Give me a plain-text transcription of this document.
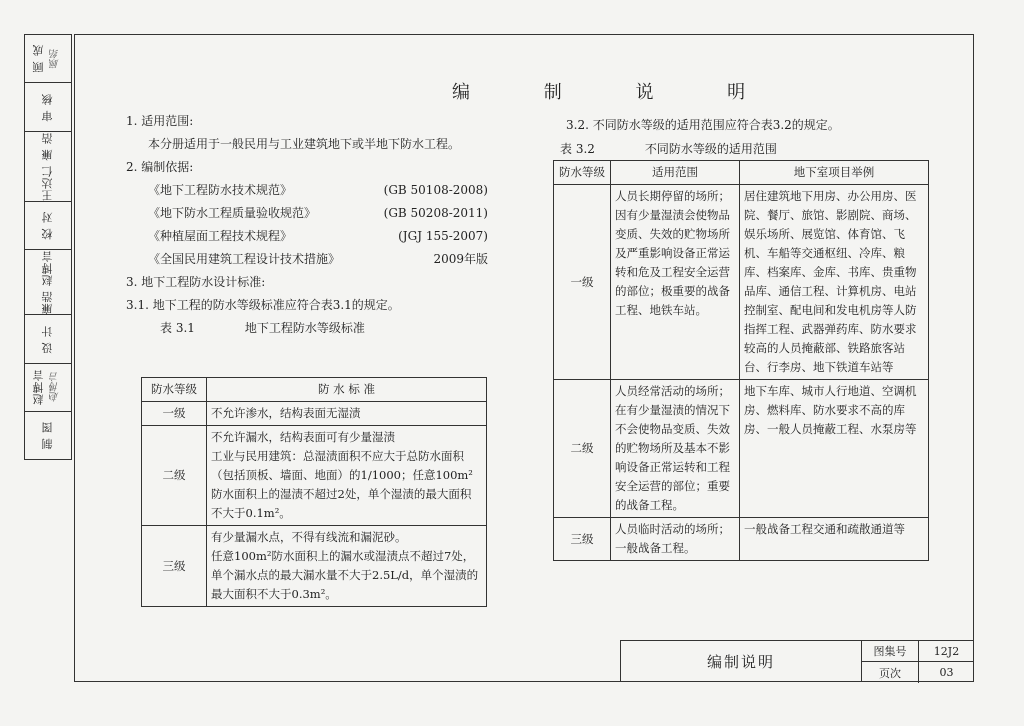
顾 成 顾绍
审 核
王达仁 廉 浩
校 对
廉浩 赵博言
设 计
赵博言 赵博言
制 图
编 制 说 明
1. 适用范围:
本分册适用于一般民用与工业建筑地下或半地下防水工程。
2. 编制依据:
《地下工程防水技术规范》	(GB 50108-2008)
《地下防水工程质量验收规范》	(GB 50208-2011)
《种植屋面工程技术规程》	(JGJ 155-2007)
《全国民用建筑工程设计技术措施》	2009年版
3. 地下工程防水设计标准:
3.1. 地下工程的防水等级标准应符合表3.1的规定。
表 3.1	地下工程防水等级标准
防水等级	防 水 标 准
一级	不允许渗水，结构表面无湿渍
二级	不允许漏水，结构表面可有少量湿渍
工业与民用建筑：总湿渍面积不应大于总防水面积（包括顶板、墙面、地面）的1/1000；任意100m²防水面积上的湿渍不超过2处，单个湿渍的最大面积不大于0.1m²。
三级	有少量漏水点，不得有线流和漏泥砂。
任意100m²防水面积上的漏水或湿渍点不超过7处，单个漏水点的最大漏水量不大于2.5L/d，单个湿渍的最大面积不大于0.3m²。
3.2. 不同防水等级的适用范围应符合表3.2的规定。
表 3.2	不同防水等级的适用范围
防水等级	适用范围	地下室项目举例
一级	人员长期停留的场所；因有少量湿渍会使物品变质、失效的贮物场所及严重影响设备正常运转和危及工程安全运营的部位；极重要的战备工程、地铁车站。	居住建筑地下用房、办公用房、医院、餐厅、旅馆、影剧院、商场、娱乐场所、展览馆、体育馆、飞机、车船等交通枢纽、冷库、粮库、档案库、金库、书库、贵重物品库、通信工程、计算机房、电站控制室、配电间和发电机房等人防指挥工程、武器弹药库、防水要求较高的人员掩蔽部、铁路旅客站台、行李房、地下铁道车站等
二级	人员经常活动的场所；在有少量湿渍的情况下不会使物品变质、失效的贮物场所及基本不影响设备正常运转和工程安全运营的部位；重要的战备工程。	地下车库、城市人行地道、空调机房、燃料库、防水要求不高的库房、一般人员掩蔽工程、水泵房等
三级	人员临时活动的场所；一般战备工程。	一般战备工程交通和疏散通道等
编制说明
图集号	12J2
页次	03
